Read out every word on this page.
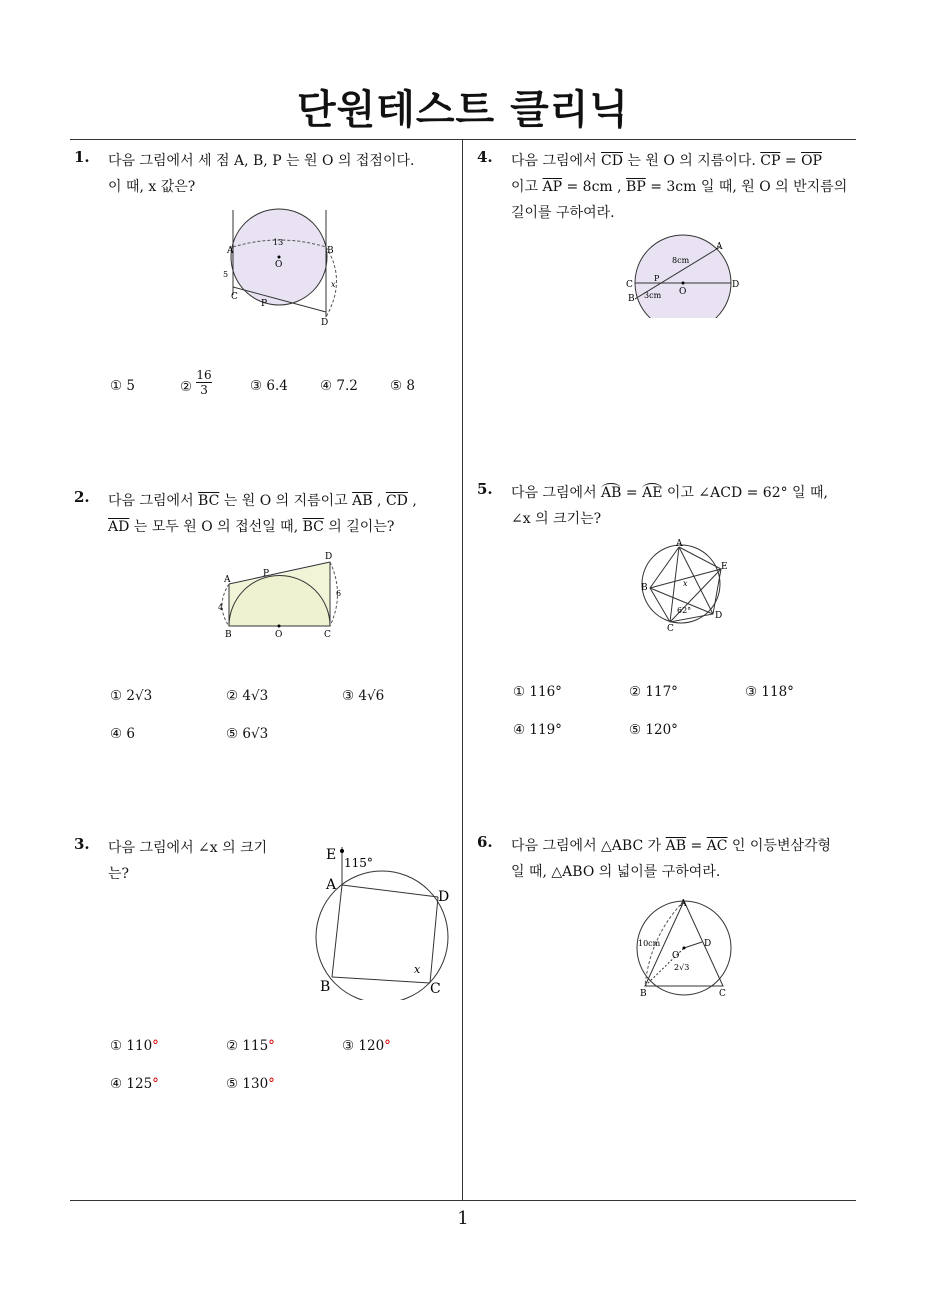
단원테스트 클리닉
1. 다음 그림에서 세 점 A, B, P 는 원 O 의 접점이다.
이 때, x 값은?
A	B
O
C
P
D
13
5
x
① 5	② $\frac{16}{3}$	③ 6.4 ④ 7.2 ⑤ 8
2. 다음 그림에서 $\overline{BC}$ 는 원 O 의 지름이고 $\overline{AB}$ , $\overline{CD}$ ,
$\overline{AD}$ 는 모두 원 O 의 접선일 때, $\overline{BC}$ 의 길이는?
A
P
D
B	O	C
4
6
① 2√3	② 4√3	③ 4√6
④ 6	⑤ 6√3
3. 다음 그림에서 ∠x 의 크기
는?
E 115°
A
D
B	C
x
① 110°	② 115°	③ 120°
④ 125°	⑤ 130°
4. 다음 그림에서 $\overline{CD}$ 는 원 O 의 지름이다. $\overline{CP} = \overline{OP}$
이고 $\overline{AP} = 8cm$ , $\overline{BP} = 3cm$ 일 때, 원 O 의 반지름의
길이를 구하여라.
A
C
P
O
D
B
8cm
3cm
5. 다음 그림에서 AB = AE 이고 ∠ACD = 62° 일 때,
∠x 의 크기는?
A
E
B
D
C
62°
x
① 116°	② 117°	③ 118°
④ 119°	⑤ 120°
6. 다음 그림에서 △ABC 가 $\overline{AB} = \overline{AC}$ 인 이등변삼각형
일 때, △ABO 의 넓이를 구하여라.
A
O
D
B	C
10cm
2√3
1
